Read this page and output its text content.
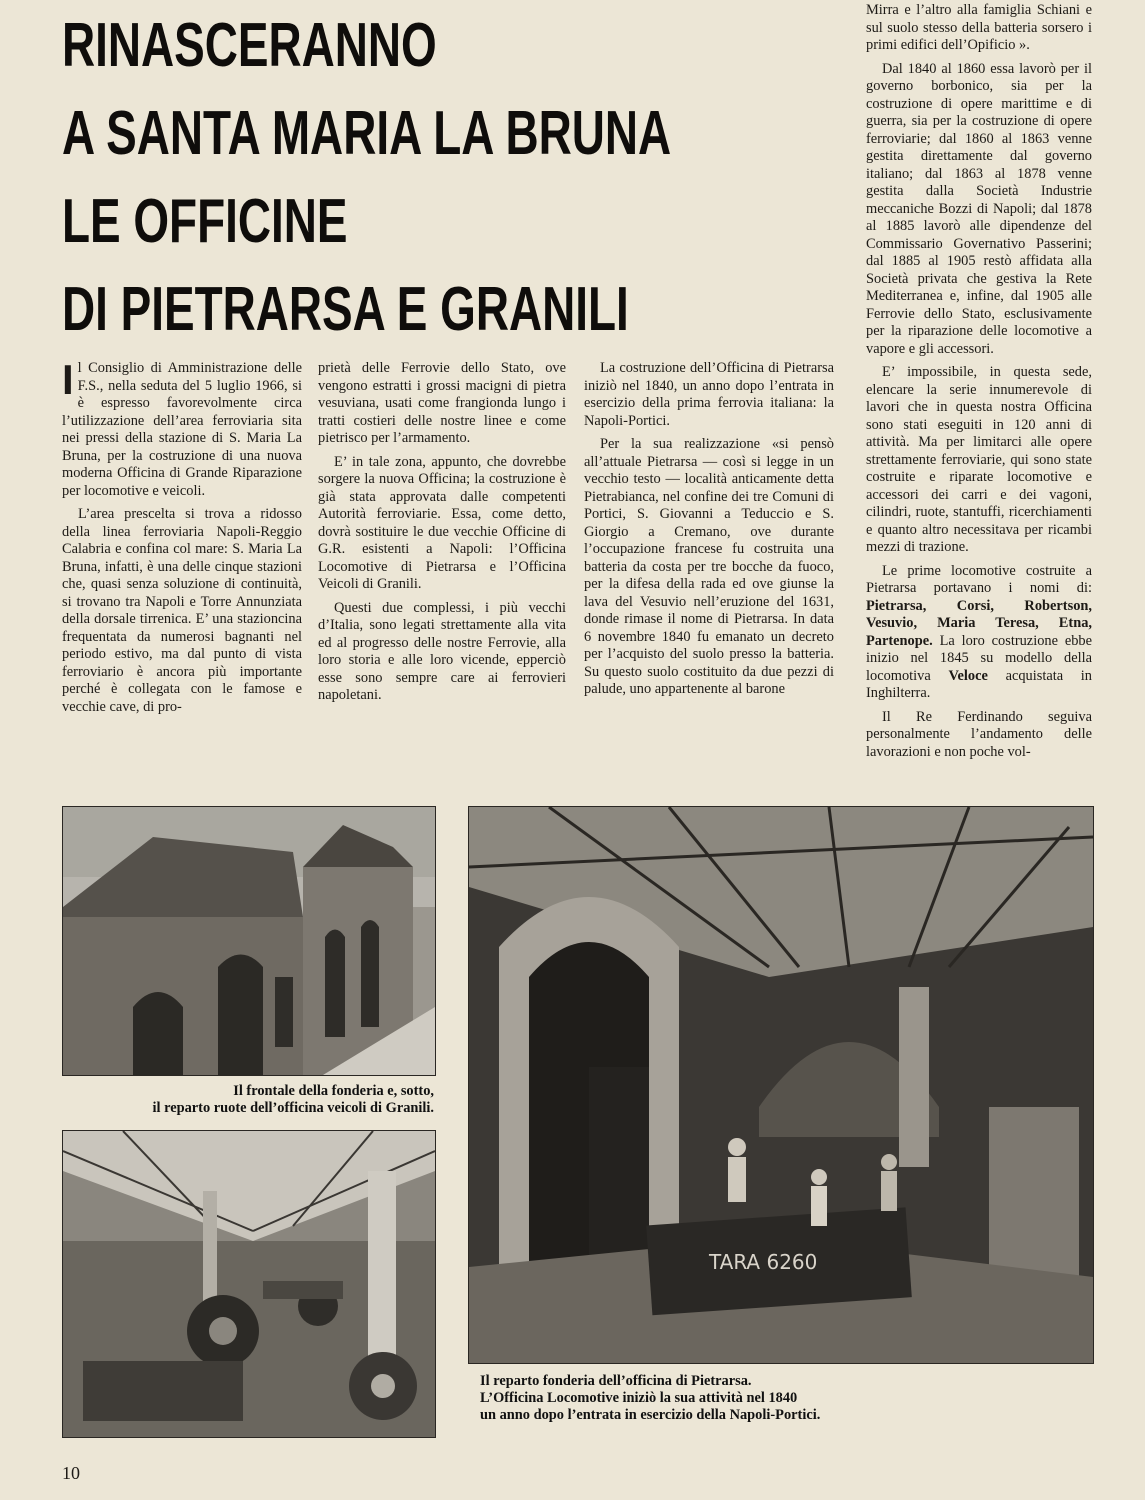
RINASCERANNO
A SANTA MARIA LA BRUNA
LE OFFICINE
DI PIETRARSA E GRANILI

Il Consiglio di Amministrazione delle F.S., nella seduta del 5 luglio 1966, si è espresso favorevolmente circa l’utilizzazione dell’area ferroviaria sita nei pressi della stazione di S. Maria La Bruna, per la costruzione di una nuova moderna Officina di Grande Riparazione per locomotive e veicoli.

L’area prescelta si trova a ridosso della linea ferroviaria Napoli-Reggio Calabria e confina col mare: S. Maria La Bruna, infatti, è una delle cinque stazioni che, quasi senza soluzione di continuità, si trovano tra Napoli e Torre Annunziata della dorsale tirrenica. E’ una stazioncina frequentata da numerosi bagnanti nel periodo estivo, ma dal punto di vista ferroviario è ancora più importante perché è collegata con le famose e vecchie cave, di pro-

prietà delle Ferrovie dello Stato, ove vengono estratti i grossi macigni di pietra vesuviana, usati come frangionda lungo i tratti costieri delle nostre linee e come pietrisco per l’armamento.

E’ in tale zona, appunto, che dovrebbe sorgere la nuova Officina; la costruzione è già stata approvata dalle competenti Autorità ferroviarie. Essa, come detto, dovrà sostituire le due vecchie Officine di G.R. esistenti a Napoli: l’Officina Locomotive di Pietrarsa e l’Officina Veicoli di Granili.

Questi due complessi, i più vecchi d’Italia, sono legati strettamente alla vita ed al progresso delle nostre Ferrovie, alla loro storia e alle loro vicende, epperciò esse sono sempre care ai ferrovieri napoletani.

La costruzione dell’Officina di Pietrarsa iniziò nel 1840, un anno dopo l’entrata in esercizio della prima ferrovia italiana: la Napoli-Portici.

Per la sua realizzazione «si pensò all’attuale Pietrarsa — così si legge in un vecchio testo — località anticamente detta Pietrabianca, nel confine dei tre Comuni di Portici, S. Giovanni a Teduccio e S. Giorgio a Cremano, ove durante l’occupazione francese fu costruita una batteria da costa per tre bocche da fuoco, per la difesa della rada ed ove giunse la lava del Vesuvio nell’eruzione del 1631, donde rimase il nome di Pietrarsa. In data 6 novembre 1840 fu emanato un decreto per l’acquisto del suolo presso la batteria. Su questo suolo costituito da due pezzi di palude, uno appartenente al barone

Mirra e l’altro alla famiglia Schiani e sul suolo stesso della batteria sorsero i primi edifici dell’Opificio ».

Dal 1840 al 1860 essa lavorò per il governo borbonico, sia per la costruzione di opere marittime e di guerra, sia per la costruzione di opere ferroviarie; dal 1860 al 1863 venne gestita direttamente dal governo italiano; dal 1863 al 1878 venne gestita dalla Società Industrie meccaniche Bozzi di Napoli; dal 1878 al 1885 lavorò alle dipendenze del Commissario Governativo Passerini; dal 1885 al 1905 restò affidata alla Società privata che gestiva la Rete Mediterranea e, infine, dal 1905 alle Ferrovie dello Stato, esclusivamente per la riparazione delle locomotive a vapore e gli accessori.

E’ impossibile, in questa sede, elencare la serie innumerevole di lavori che in questa nostra Officina sono stati eseguiti in 120 anni di attività. Ma per limitarci alle opere strettamente ferroviarie, qui sono state costruite e riparate locomotive e accessori dei carri e dei vagoni, cilindri, ruote, stantuffi, ricerchiamenti e quanto altro necessitava per ricambi mezzi di trazione.

Le prime locomotive costruite a Pietrarsa portavano i nomi di: Pietrarsa, Corsi, Robertson, Vesuvio, Maria Teresa, Etna, Partenope. La loro costruzione ebbe inizio nel 1845 su modello della locomotiva Veloce acquistata in Inghilterra.

Il Re Ferdinando seguiva personalmente l’andamento delle lavorazioni e non poche vol-

Il frontale della fonderia e, sotto,
il reparto ruote dell’officina veicoli di Granili.
TARA 6260
Il reparto fonderia dell’officina di Pietrarsa.
L’Officina Locomotive iniziò la sua attività nel 1840
un anno dopo l’entrata in esercizio della Napoli-Portici.
10
